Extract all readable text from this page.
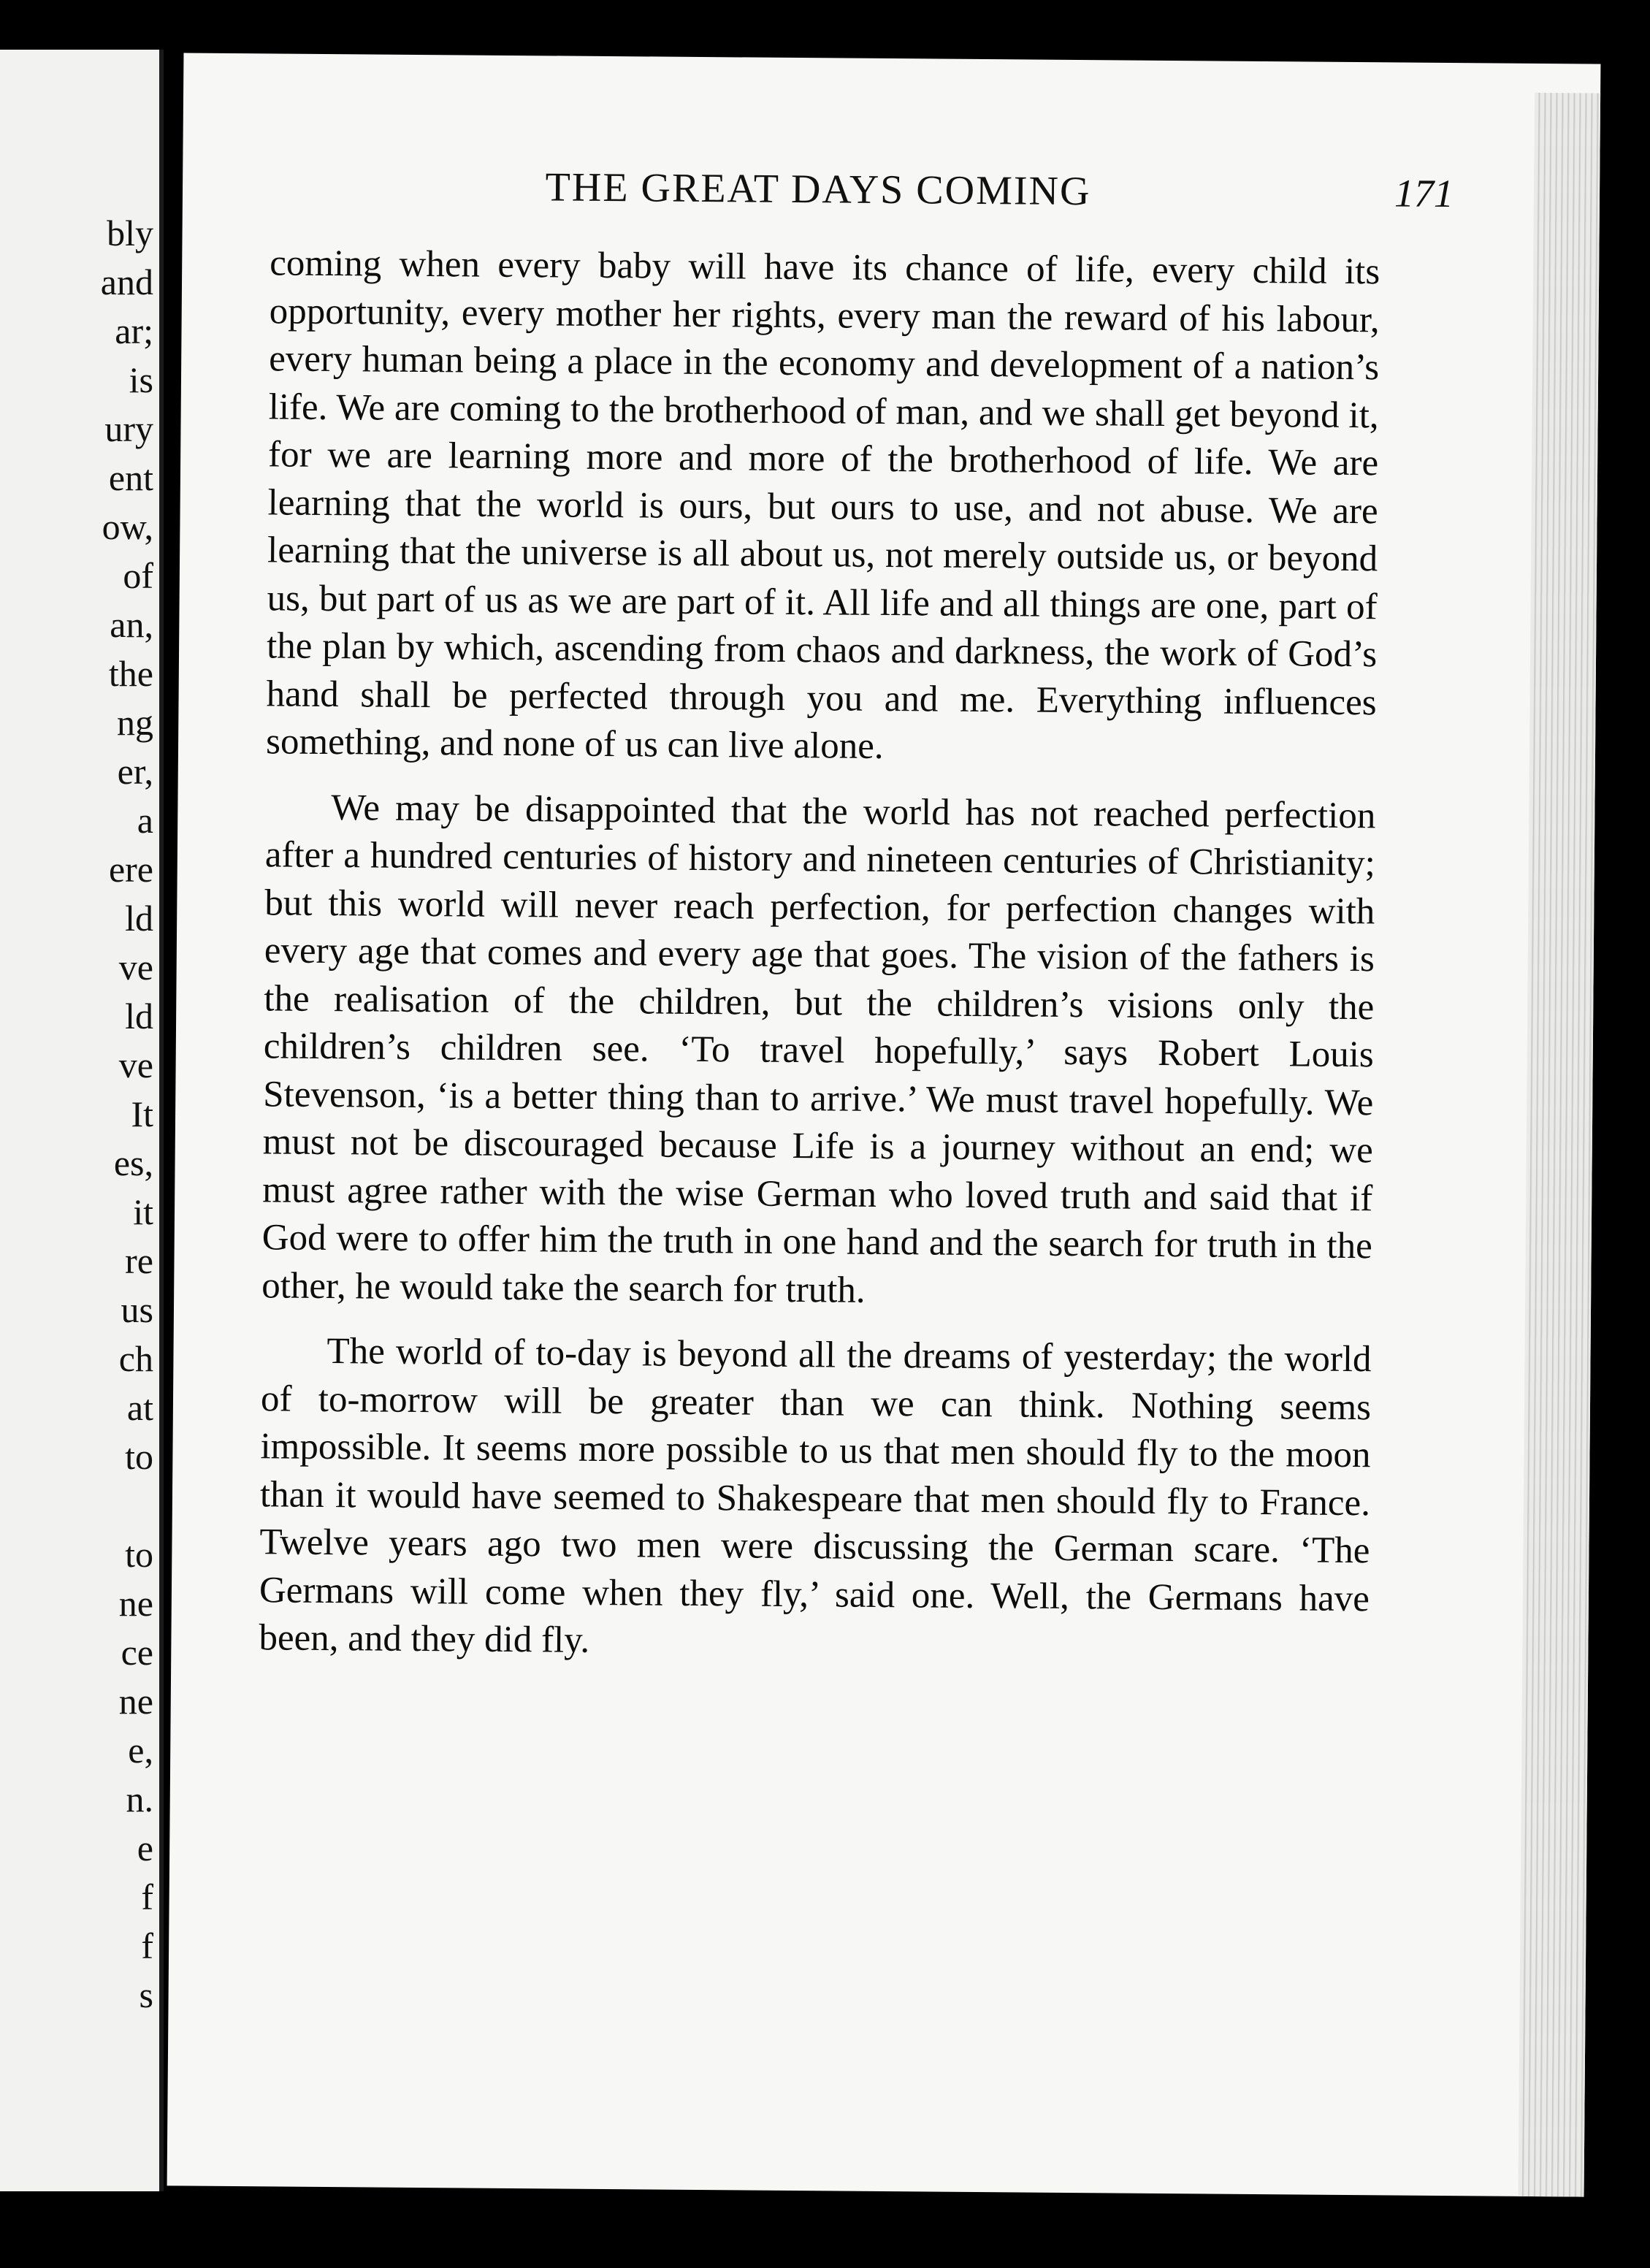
bly
and
ar;
is
ury
ent
ow,
of
an,
the
ng
er,
a
ere
ld
ve
ld
ve
It
es,
it
re
us
ch
at
to
to
ne
ce
ne
e,
n.
e
f
f
s
THE GREAT DAYS COMING	171

coming when every baby will have its chance of life, every child its opportunity, every mother her rights, every man the reward of his labour, every human being a place in the economy and development of a nation’s life. We are coming to the brotherhood of man, and we shall get beyond it, for we are learning more and more of the brotherhood of life. We are learning that the world is ours, but ours to use, and not abuse. We are learning that the universe is all about us, not merely outside us, or beyond us, but part of us as we are part of it. All life and all things are one, part of the plan by which, ascending from chaos and darkness, the work of God’s hand shall be perfected through you and me. Everything influences something, and none of us can live alone.

We may be disappointed that the world has not reached perfection after a hundred centuries of history and nineteen centuries of Christianity; but this world will never reach perfection, for perfection changes with every age that comes and every age that goes. The vision of the fathers is the realisation of the children, but the children’s visions only the children’s children see. ‘To travel hopefully,’ says Robert Louis Stevenson, ‘is a better thing than to arrive.’ We must travel hopefully. We must not be discouraged because Life is a journey without an end; we must agree rather with the wise German who loved truth and said that if God were to offer him the truth in one hand and the search for truth in the other, he would take the search for truth.

The world of to-day is beyond all the dreams of yesterday; the world of to-morrow will be greater than we can think. Nothing seems impossible. It seems more possible to us that men should fly to the moon than it would have seemed to Shakespeare that men should fly to France. Twelve years ago two men were discussing the German scare. ‘The Germans will come when they fly,’ said one. Well, the Germans have been, and they did fly.
